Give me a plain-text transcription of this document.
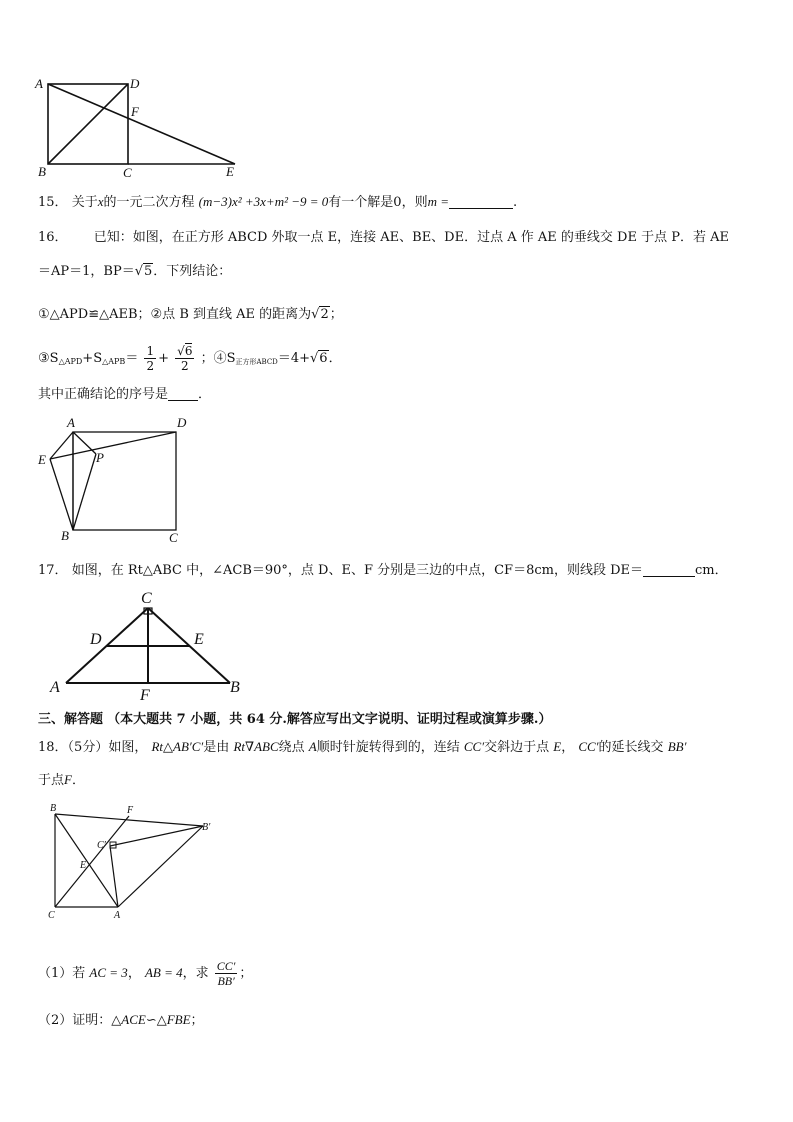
A	D
F
B	C	E
15． 关于x的一元二次方程 (m−3)x² +3x+m² −9 = 0有一个解是0，则m =	.
16． 已知：如图，在正方形 ABCD 外取一点 E，连接 AE、BE、DE．过点 A 作 AE 的垂线交 DE 于点 P．若 AE
＝AP＝1，BP＝√5．下列结论：
①△APD≌△AEB；②点 B 到直线 AE 的距离为√2；
$③S_{\triangle APD}+S_{\triangle APB}= \frac{1}{2} + \frac{√6}{2}$ ；$④S_{正方形ABCD}=4+√6$．
其中正确结论的序号是 ．
A	D
E	P
B	C
17． 如图，在 Rt△ABC 中，∠ACB＝90°，点 D、E、F 分别是三边的中点，CF＝8cm，则线段 DE＝	cm．
C
D	E
A	F	B
三、解答题 （本大题共 7 小题，共 64 分.解答应写出文字说明、证明过程或演算步骤.）
18．（5分）如图， Rt△AB′C′是由 Rt∇ABC绕点 A顺时针旋转得到的，连结 CC′交斜边于点 E， CC′的延长线交 BB′
于点F．
B	F
B′
C′
E
C	A
（1）若 AC = 3， AB = 4，求 $\frac{CC'}{BB'}$ ；
（2）证明：△ACE∽△FBE；
